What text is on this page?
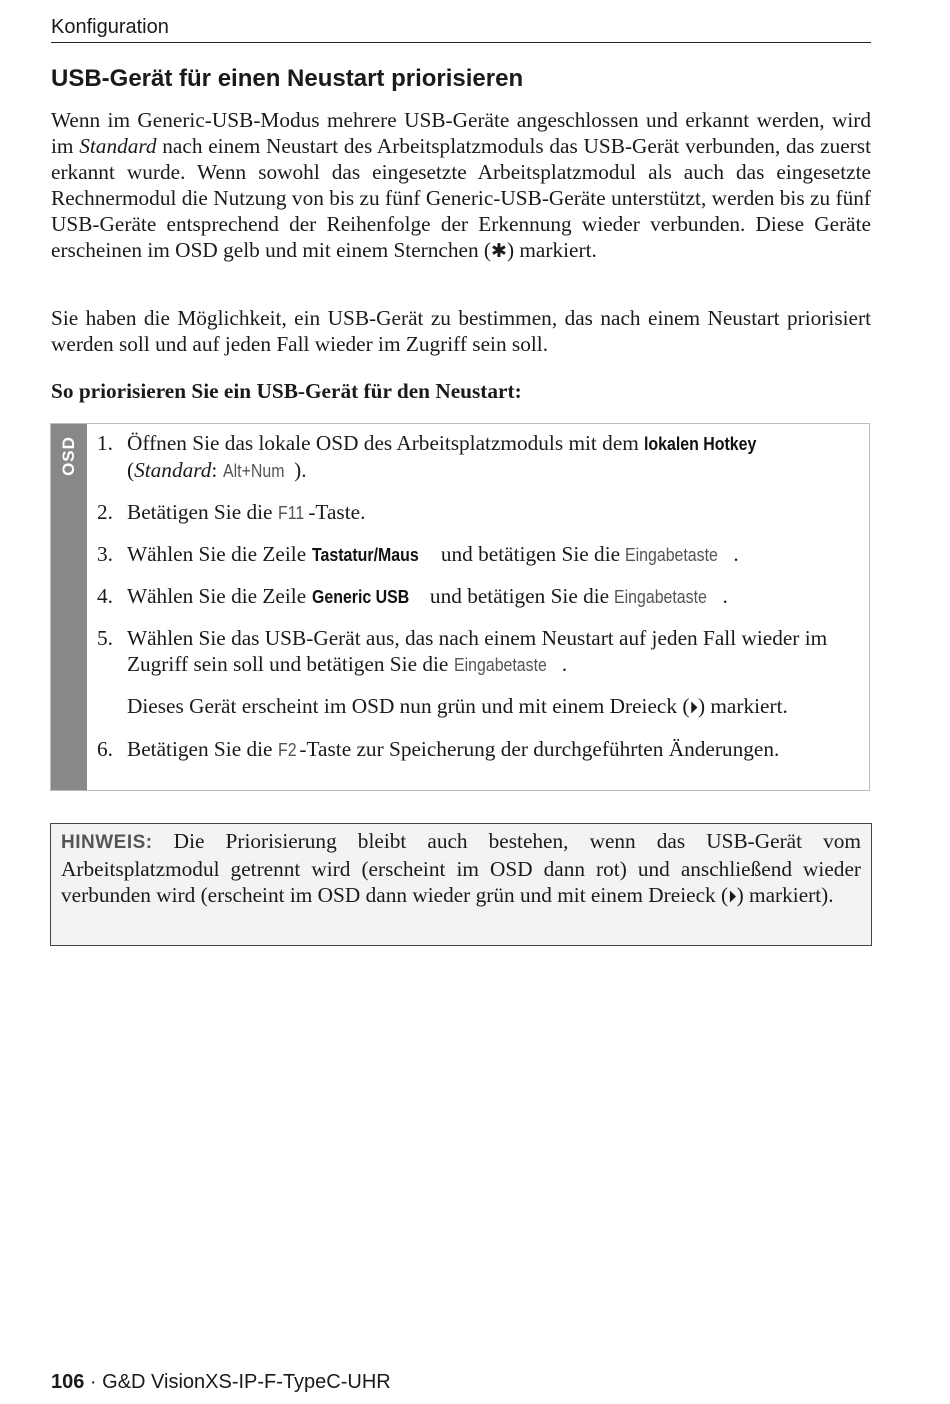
Konfiguration
USB-Gerät für einen Neustart priorisieren

Wenn im Generic-USB-Modus mehrere USB-Geräte angeschlossen und erkannt werden, wird im Standard nach einem Neustart des Arbeitsplatzmoduls das USB-Gerät verbunden, das zuerst erkannt wurde. Wenn sowohl das eingesetzte Arbeitsplatzmodul als auch das eingesetzte Rechnermodul die Nutzung von bis zu fünf Generic-USB-Geräte unterstützt, werden bis zu fünf USB-Geräte entsprechend der Reihenfolge der Erkennung wieder verbunden. Diese Geräte erscheinen im OSD gelb und mit einem Sternchen (✱) markiert.

Sie haben die Möglichkeit, ein USB-Gerät zu bestimmen, das nach einem Neustart priorisiert werden soll und auf jeden Fall wieder im Zugriff sein soll.

So priorisieren Sie ein USB-Gerät für den Neustart:
OSD 1. Öffnen Sie das lokale OSD des Arbeitsplatzmoduls mit dem lokalen Hotkey (Standard: Alt+Num ).
2. Betätigen Sie die F11 -Taste.
3. Wählen Sie die Zeile Tastatur/Maus und betätigen Sie die Eingabetaste .
4. Wählen Sie die Zeile Generic USB und betätigen Sie die Eingabetaste .
5. Wählen Sie das USB-Gerät aus, das nach einem Neustart auf jeden Fall wieder im Zugriff sein soll und betätigen Sie die Eingabetaste .
Dieses Gerät erscheint im OSD nun grün und mit einem Dreieck (⏵) markiert.
6. Betätigen Sie die F2 -Taste zur Speicherung der durchgeführten Änderungen.

HINWEIS: Die Priorisierung bleibt auch bestehen, wenn das USB-Gerät vom Arbeitsplatzmodul getrennt wird (erscheint im OSD dann rot) und anschließend wieder verbunden wird (erscheint im OSD dann wieder grün und mit einem Dreieck (⏵) markiert).

106 · G&D VisionXS-IP-F-TypeC-UHR
